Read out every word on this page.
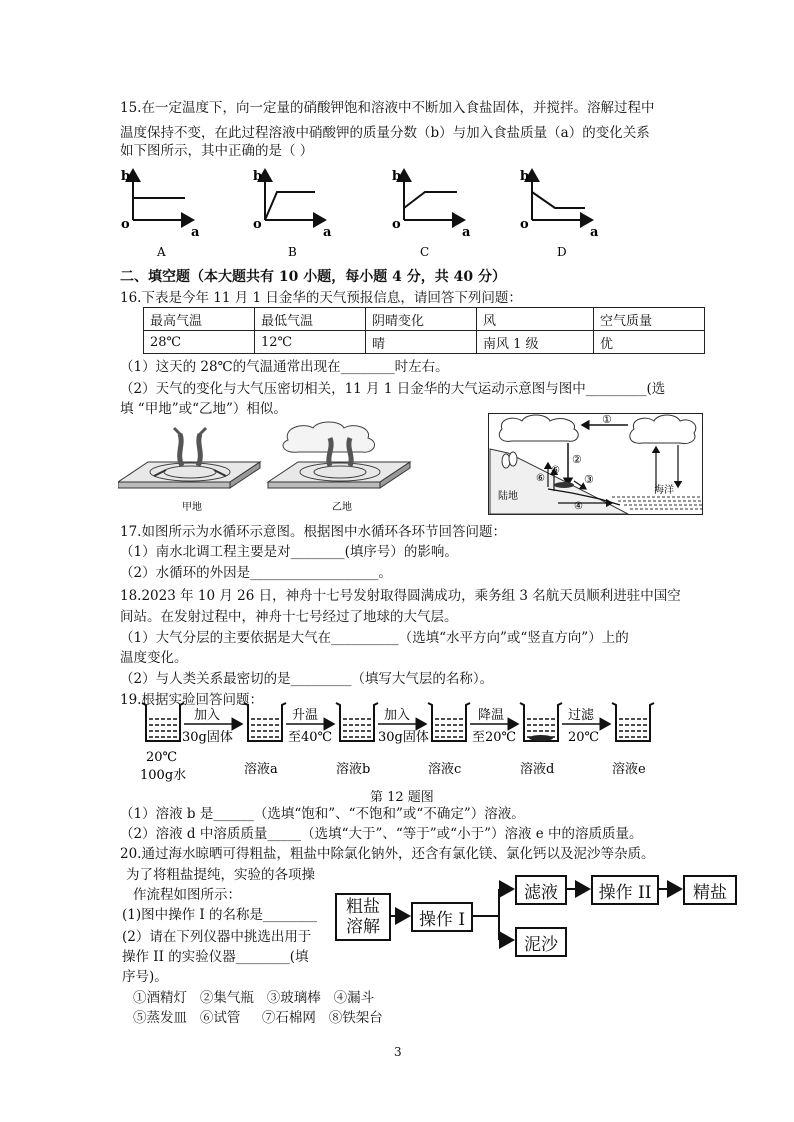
15.在一定温度下，向一定量的硝酸钾饱和溶液中不断加入食盐固体，并搅拌。溶解过程中
温度保持不变，在此过程溶液中硝酸钾的质量分数（b）与加入食盐质量（a）的变化关系
如下图所示，其中正确的是（ ）
b
o
a
A
b
o
a
B
b
o
a
C
b
o
a
D
二、填空题（本大题共有 10 小题，每小题 4 分，共 40 分）
16.下表是今年 11 月 1 日金华的天气预报信息，请回答下列问题：
最高气温	最低气温	阴晴变化	风	空气质量
28℃	12℃	晴	南风 1 级	优
（1）这天的 28℃的气温通常出现在________时左右。
（2）天气的变化与大气压密切相关，11 月 1 日金华的大气运动示意图与图中_________(选
填 “甲地”或“乙地”）相似。
甲地	乙地
①
②
③
⑤
⑥
④
陆地
海洋
17.如图所示为水循环示意图。根据图中水循环各环节回答问题：
（1）南水北调工程主要是对________(填序号）的影响。
（2）水循环的外因是___________________。
18.2023 年 10 月 26 日，神舟十七号发射取得圆满成功，乘务组 3 名航天员顺利进驻中国空
间站。在发射过程中，神舟十七号经过了地球的大气层。
（1）大气分层的主要依据是大气在__________（选填“水平方向”或“竖直方向”）上的
温度变化。
（2）与人类关系最密切的是_________（填写大气层的名称）。
19.根据实验回答问题：
加入
30g固体
升温
至40℃
加入
30g固体
降温
至20℃
过滤
20℃
20℃
100g水	溶液a	溶液b	溶液c	溶液d	溶液e
第 12 题图
（1）溶液 b 是______（选填“饱和”、“不饱和”或“不确定”）溶液。
（2）溶液 d 中溶质质量_____（选填“大于”、“等于”或“小于”）溶液 e 中的溶质质量。
20.通过海水晾晒可得粗盐，粗盐中除氯化钠外，还含有氯化镁、氯化钙以及泥沙等杂质。
为了将粗盐提纯，实验的各项操
作流程如图所示：
(1)图中操作 I 的名称是________
(2）请在下列仪器中挑选出用于
操作 II 的实验仪器________(填
序号)。
①酒精灯   ②集气瓶   ③玻璃棒   ④漏斗
⑤蒸发皿   ⑥试管     ⑦石棉网   ⑧铁架台
粗盐
溶解	操作 I
滤液	操作 II	精盐
泥沙
3
